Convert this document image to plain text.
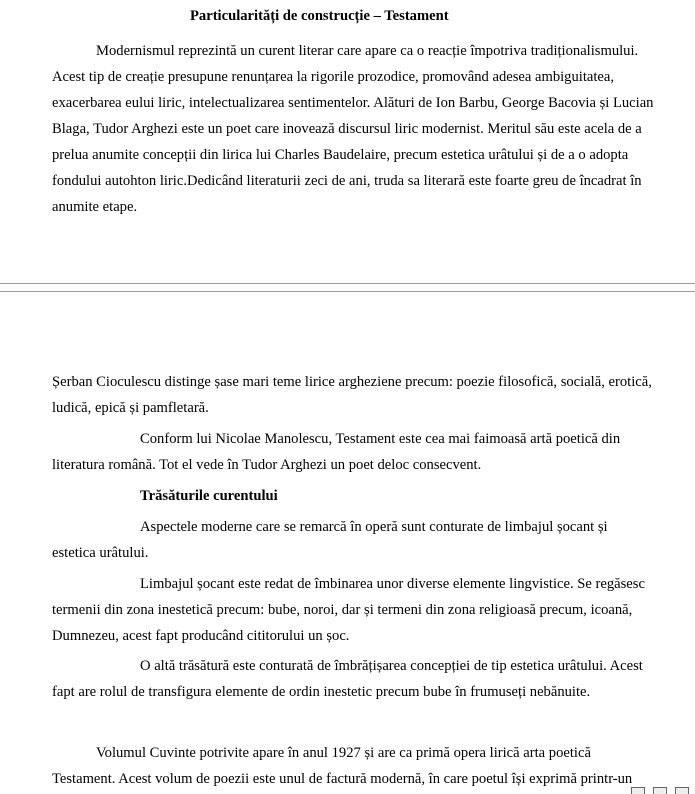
Particularități de construcție – Testament

Modernismul reprezintă un curent literar care apare ca o reacție împotriva tradiționalismului.
Acest tip de creație presupune renunțarea la rigorile prozodice, promovând adesea ambiguitatea,
exacerbarea eului liric, intelectualizarea sentimentelor. Alături de Ion Barbu, George Bacovia și Lucian
Blaga, Tudor Arghezi este un poet care inovează discursul liric modernist. Meritul său este acela de a
prelua anumite concepții din lirica lui Charles Baudelaire, precum estetica urâtului și de a o adopta
fondului autohton liric.Dedicând literaturii zeci de ani, truda sa literară este foarte greu de încadrat în
anumite etape.

Șerban Cioculescu distinge șase mari teme lirice argheziene precum: poezie filosofică, socială, erotică,
ludică, epică și pamfletară.

Conform lui Nicolae Manolescu, Testament este cea mai faimoasă artă poetică din
literatura română. Tot el vede în Tudor Arghezi un poet deloc consecvent.

Trăsăturile curentului

Aspectele moderne care se remarcă în operă sunt conturate de limbajul șocant și
estetica urâtului.

Limbajul șocant este redat de îmbinarea unor diverse elemente lingvistice. Se regăsesc
termenii din zona inestetică precum: bube, noroi, dar și termeni din zona religioasă precum, icoană,
Dumnezeu, acest fapt producând cititorului un șoc.

O altă trăsătură este conturată de îmbrățișarea concepției de tip estetica urâtului. Acest
fapt are rolul de transfigura elemente de ordin inestetic precum bube în frumuseți nebănuite.

Volumul Cuvinte potrivite apare în anul 1927 și are ca primă opera lirică arta poetică
Testament. Acest volum de poezii este unul de factură modernă, în care poetul își exprimă printr-un
